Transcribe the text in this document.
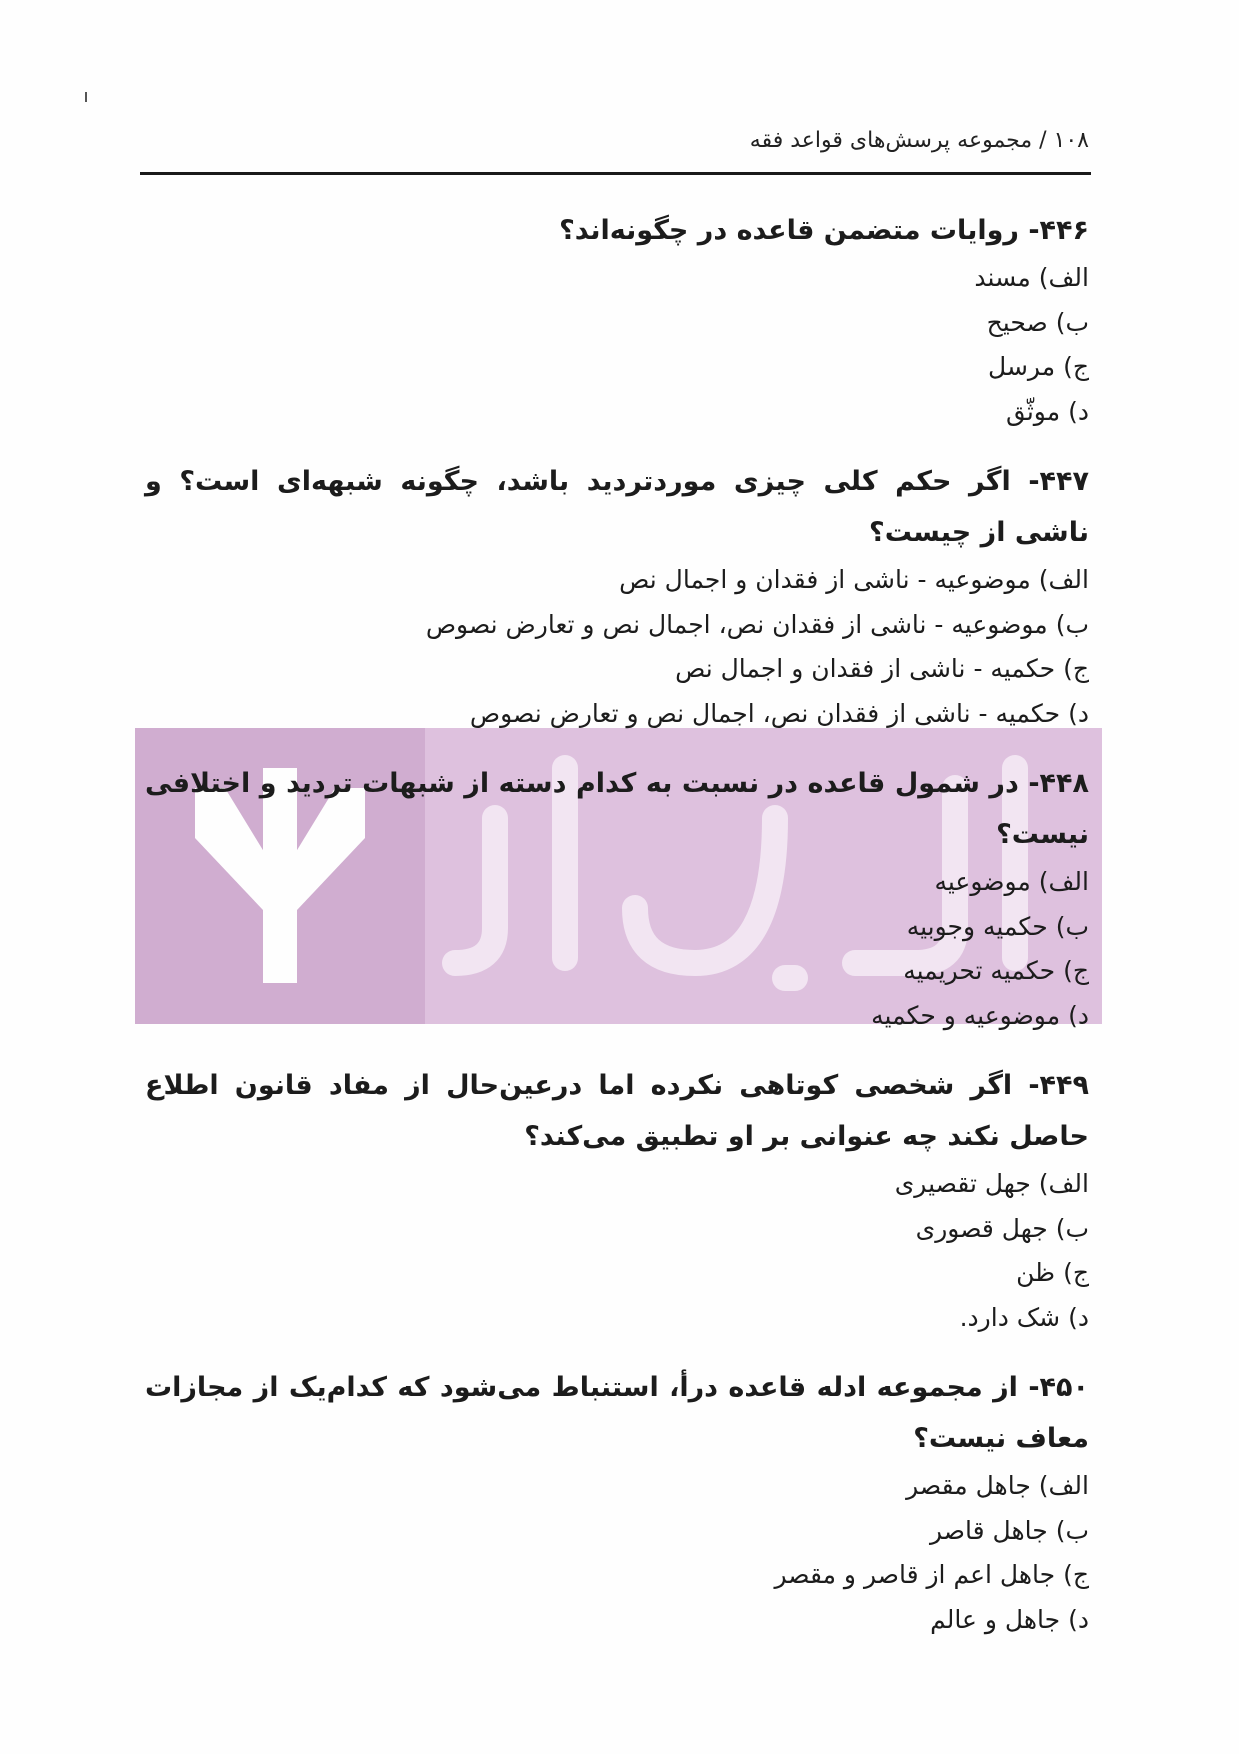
۱۰۸ / مجموعه پرسش‌های قواعد فقه
۴۴۶- روایات متضمن قاعده در چگونه‌اند؟
الف)مسند
ب)صحیح
ج)مرسل
د)موثّق
۴۴۷- اگر حکم کلی چیزی موردتردید باشد، چگونه شبهه‌ای است؟ و ناشی از چیست؟
الف)موضوعیه - ناشی از فقدان و اجمال نص
ب)موضوعیه - ناشی از فقدان نص، اجمال نص و تعارض نصوص
ج)حکمیه - ناشی از فقدان و اجمال نص
د)حکمیه - ناشی از فقدان نص، اجمال نص و تعارض نصوص
۴۴۸- در شمول قاعده در نسبت به کدام دسته از شبهات تردید و اختلافی نیست؟
الف)موضوعیه
ب)حکمیه وجوبیه
ج)حکمیه تحریمیه
د)موضوعیه و حکمیه
۴۴۹- اگر شخصی کوتاهی نکرده اما درعین‌حال از مفاد قانون اطلاع حاصل نکند چه عنوانی بر او تطبیق می‌کند؟
الف)جهل تقصیری
ب)جهل قصوری
ج)ظن
د)شک دارد.
۴۵۰- از مجموعه ادله قاعده درأ، استنباط می‌شود که کدام‌یک از مجازات معاف نیست؟
الف)جاهل مقصر
ب)جاهل قاصر
ج)جاهل اعم از قاصر و مقصر
د)جاهل و عالم
